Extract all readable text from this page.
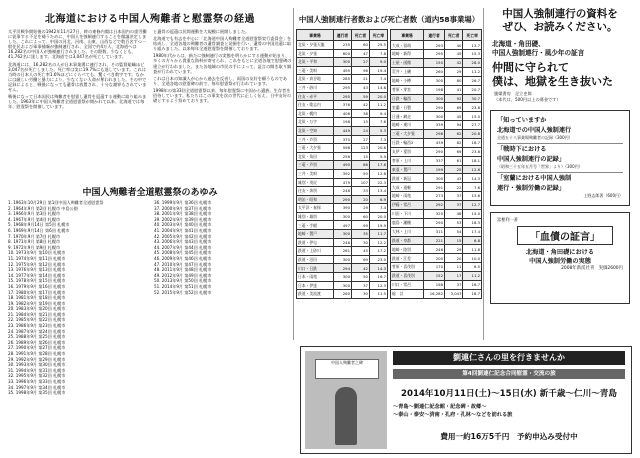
北海道における中国人殉難者と慰霊祭の経過
太平洋戦争開始後の1942年11月27日、時の東條内閣は日本国内の重労働に従事する不足を補うために、中国人を強制連行することを閣議決定しました。これによって、中国の河北、河南、山東、山西などで数百名ずつ一般住民および軍事捕虜が強制連行され、全国で約4万人、北海道へは16,282名の中国人が強制連行されました。その際数、少なくとも、41,762名に達します。北海道では3,047名が死亡しています。
北海道には、16,282名の人が日本事業場に連行され、その監督組織ほど3,047名が死亡しました。死亡率は実に19.7%にも達しています。これは当時の日本人の死亡率1.6%ほどにくらべても、驚くべき数字です。なかには厳しい労働と暴力により、少なくない人命が奪われました。その中で記録によると、戦後になっても遺骨は放置され、十分な謝罪もされていません。
戦後になって日本国民は殉難者を慰霊し遺骨を返還する運動に取り組みました。1963年に中国人殉難者全道慰霊祭が開かれて以来、北海道では毎年、慰霊祭を開催しています。
と遺骨の返還は民間運動を大規模に展開しました。
北海道でも有志を中心に「北海道中国人殉難者全道慰霊祭実行委員会」を結成し、全道各地の殉難者の遺骨調査と発掘を行い、遺骨の中国送還に取り組みました。以来毎年全道慰霊祭を開催しております。
1980年代からは、新たに強制連行の実態を明らかにする運動が始まり、多くの方々から貴重な資料が寄せられ、これをもとに全道各地で慰霊碑の建立が行われました。また各地域の市民の手によって、証言の聞き取り調査が行われています。
これは日本の知識人が心から過去を反省し、両国の友好を願うものであり、全道各地の慰霊碑の前で、毎年慰霊祭が行われています。
1998年の第33回全道慰霊祭以来、毎年慰霊祭に中国から遺族、生存者を招待しています。私たちはこの事実を次の世代に正しく伝え、日中友好の礎とするよう努めております。
中国人殉難者全道慰霊祭のあゆみ
1. 1963年10月29日 第1回中国人殉難者全道慰霊祭
2. 1964年9月 第2回 札幌市 中島公園
3. 1966年9月 第3回 札幌市
4. 1967年9月 第4回 札幌市
5. 1968年9月14日 第5回 札幌市
6. 1969年9月14日 第6回 札幌市
7. 1970年9月 第7回 札幌市
8. 1971年9月 第8回 札幌市
9. 1972年9月 第9回 札幌市
10. 1973年9月 第10回 札幌市
11. 1974年9月 第11回 札幌市
12. 1975年9月 第12回 札幌市
13. 1976年9月 第13回 札幌市
14. 1977年9月 第14回 札幌市
15. 1978年9月 第15回 札幌市
16. 1979年9月 第16回 札幌市
17. 1980年9月 第17回 札幌市
18. 1981年9月 第18回 札幌市
19. 1982年9月 第19回 札幌市
20. 1983年9月 第20回 札幌市
21. 1984年9月 第21回 札幌市
22. 1985年9月 第22回 札幌市
23. 1986年9月 第23回 札幌市
24. 1987年9月 第24回 札幌市
25. 1988年9月 第25回 札幌市
26. 1989年9月 第26回 札幌市
27. 1990年9月 第27回 札幌市
28. 1991年9月 第28回 札幌市
29. 1992年9月 第29回 札幌市
30. 1993年9月 第30回 札幌市
31. 1994年9月 第31回 札幌市
32. 1995年9月 第32回 札幌市
33. 1996年9月 第33回 札幌市
34. 1997年9月 第34回 札幌市
35. 1998年9月 第35回 札幌市
36. 1999年9月 第36回 札幌市
37. 2000年9月 第37回 札幌市
38. 2001年9月 第38回 札幌市
39. 2002年9月 第39回 札幌市
40. 2003年9月 第40回 札幌市
41. 2004年9月 第41回 札幌市
42. 2005年9月 第42回 札幌市
43. 2006年9月 第43回 札幌市
44. 2007年9月 第44回 札幌市
45. 2008年9月 第45回 札幌市
46. 2009年9月 第46回 札幌市
47. 2010年9月 第47回 札幌市
48. 2011年9月 第48回 札幌市
49. 2012年9月 第49回 札幌市
50. 2013年9月 第50回 札幌市
51. 2014年9月 第51回 札幌市
52. 2015年9月 第52回 札幌市
中国人強制連行者数および死亡者数（道内58事業場）
事業場	連行者	死亡者	死亡率
北炭・夕張天龍	235	60	25.5
北炭・夕張	600	47	7.8
北炭・平和	300	27	9.0
三菱・美唄	495	96	19.4
北炭・真谷地	285	21	7.4
三井・砂川	295	43	14.6
住友・赤平	295	59	20.0
住友・歌志内	376	42	11.2
北炭・幌内	406	38	9.4
北炭・万字	198	15	7.6
北炭・空知	449	24	5.3
三井・芦別	370	27	7.3
三菱・大夕張	596	123	20.6
北炭・角田	256	15	5.9
三菱・芦別	490	86	17.6
三井・美唄	392	50	12.8
雄別・茂尻	479	107	22.3
住友・奔別	246	33	13.4
明治・昭和	290	20	6.9
太平洋・春採	390	29	7.4
雄別・雄別	300	60	20.0
三菱・手稲	497	99	19.9
地崎・置戸	300	35	11.7
鉄道・伊屯	246	30	12.2
鉄道・上砂川	261	45	17.2
鉄道・沼田	300	69	23.0
川口・日鉄	294	42	14.3
日本・雨竜	300	50	16.7
日本・伊達	300	37	12.3
鉄道・美流渡	260	30	11.5
事業場	連行者	死亡者	死亡率
大成・留萌	293	40	13.7
地崎・新得	295	45	15.3
土屋・函館	150	42	28.0
荒井・上磯	260	29	11.2
地崎・小樽	300	80	26.7
菅原・芽室	198	41	20.7
日鉄・輪西	300	92	30.7
室蘭・日製	290	69	23.8
日通・網走	300	45	15.0
地崎・東川	339	94	27.7
三菱・大夕張	298	62	20.8
日鉄・輪西2	439	82	18.7
丸伊・愛別	290	69	23.8
菅原・上川	337	61	18.1
東亜・置戸	199	25	12.6
鉄道・新冠	300	43	14.3
大成・遠軽	291	22	7.6
地崎・雨竜	273	37	13.6
伊藤・常呂	292	37	12.7
川田・下川	320	48	15.0
鹿島・瀬棚	290	53	18.3
大林・上川	311	54	17.4
鉄道・寿都	221	15	6.8
地崎・陸別	246	29	11.8
鉄道・江差	200	20	10.0
菅原・喜茂別	170	11	6.5
鉄道・喜茂別	152	17	11.2
川口・常呂	198	37	18.7
総　計	16,282	3,047	18.7
中国人強制連行の資料を
ぜひ、お読みください。
北海道・角田礎、
中国人強制連行・風少年の証言
仲間に守られて
僕は、地獄を生き抜いた
風媒書房　足立史郎
（本代は、500円以上の募金です）
「知っていますか
北海道での中国人強制連行
全道五十八事業場殉難者の記録（300円）
「戦時下における
中国人強制連行の記録」
（昭和三十五年五月号「世界」より）（300円）
「室蘭における中国人強制
連行・強制労働の記録」
上野志郎著（600円）
富樫利一著
「血債の証言」
北海道・角田礎における
中国人強制労働の実態
2008年新渓社刊　実価2600円
中国人殉難者之碑
劉連仁さんの里を行きませんか
第4回劉連仁記念合同慰霊・交流の旅
2014年10月11日(土)〜15日(水) 新千歳〜仁川〜青島
〜青島〜劉連仁記念館・記念碑・故郷〜
〜泰山・泰安〜済南・孔府・孔林〜などを訪れる旅
費用一約16万5千円　予約申込み受付中
